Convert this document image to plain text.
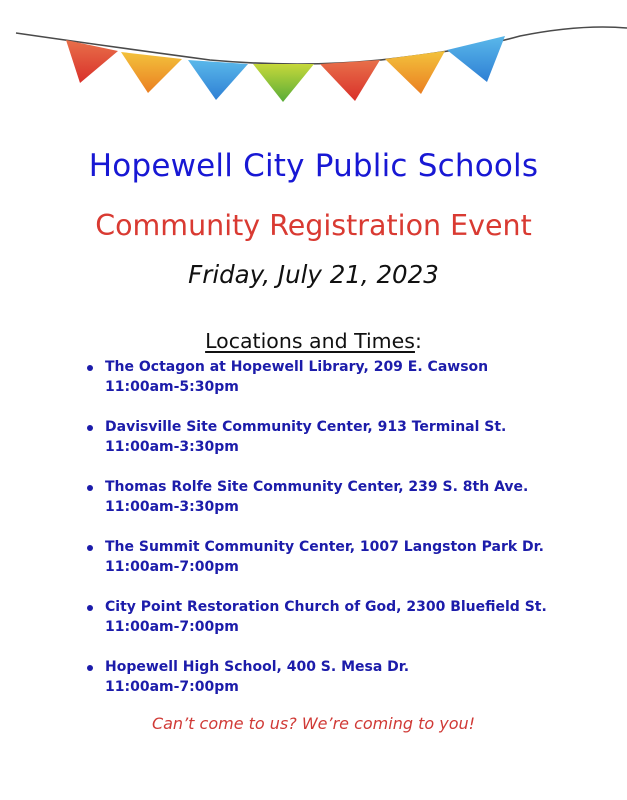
Hopewell City Public Schools
Community Registration Event
Friday, July 21, 2023
Locations and Times:
The Octagon at Hopewell Library, 209 E. Cawson
11:00am-5:30pm
Davisville Site Community Center, 913 Terminal St.
11:00am-3:30pm
Thomas Rolfe Site Community Center, 239 S. 8th Ave.
11:00am-3:30pm
The Summit Community Center, 1007 Langston Park Dr.
11:00am-7:00pm
City Point Restoration Church of God, 2300 Bluefield St.
11:00am-7:00pm
Hopewell High School, 400 S. Mesa Dr.
11:00am-7:00pm

Can’t come to us? We’re coming to you!
